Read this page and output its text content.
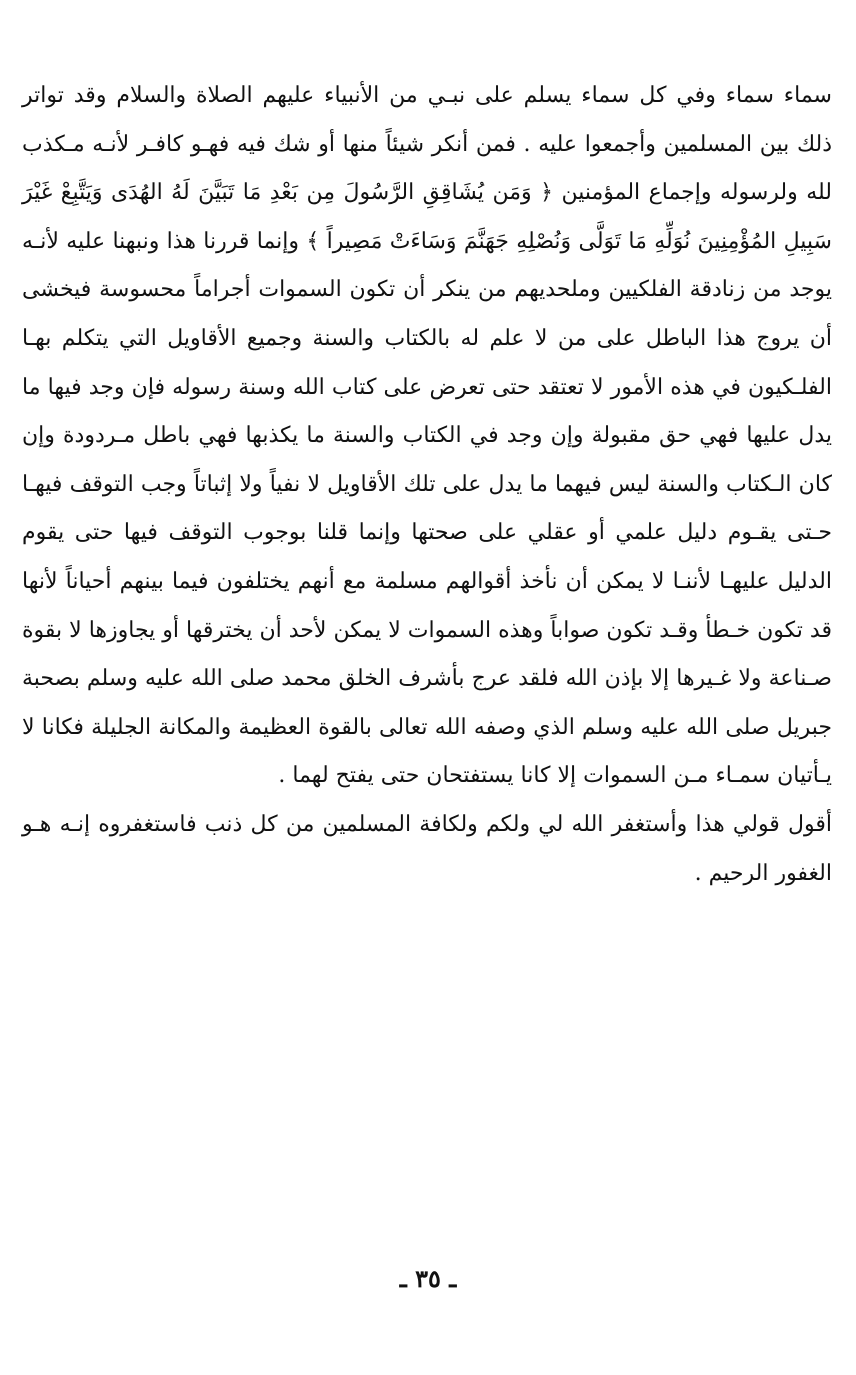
سماء سماء وفي كل سماء يسلم على نبـي من الأنبياء عليهم الصلاة والسلام وقد تواتر ذلك بين المسلمين وأجمعوا عليه . فمن أنكر شيئاً منها أو شك فيه فهـو كافـر لأنـه مـكذب لله ولرسوله وإجماع المؤمنين ﴿ وَمَن يُشَاقِقِ الرَّسُولَ مِن بَعْدِ مَا تَبَيَّنَ لَهُ الهُدَى وَيَتَّبِعْ غَيْرَ سَبِيلِ المُؤْمِنِينَ نُوَلِّهِ مَا تَوَلَّى وَنُصْلِهِ جَهَنَّمَ وَسَاءَتْ مَصِيراً ﴾ وإنما قررنا هذا ونبهنا عليه لأنـه يوجد من زنادقة الفلكيين وملحديهم من ينكر أن تكون السموات أجراماً محسوسة فيخشى أن يروج هذا الباطل على من لا علم له بالكتاب والسنة وجميع الأقاويل التي يتكلم بهـا الفلـكيون في هذه الأمور لا تعتقد حتى تعرض على كتاب الله وسنة رسوله فإن وجد فيها ما يدل عليها فهي حق مقبولة وإن وجد في الكتاب والسنة ما يكذبها فهي باطل مـردودة وإن كان الـكتاب والسنة ليس فيهما ما يدل على تلك الأقاويل لا نفياً ولا إثباتاً وجب التوقف فيهـا حـتى يقـوم دليل علمي أو عقلي على صحتها وإنما قلنا بوجوب التوقف فيها حتى يقوم الدليل عليهـا لأننـا لا يمكن أن نأخذ أقوالهم مسلمة مع أنهم يختلفون فيما بينهم أحياناً لأنها قد تكون خـطأ وقـد تكون صواباً وهذه السموات لا يمكن لأحد أن يخترقها أو يجاوزها لا بقوة صـناعة ولا غـيرها إلا بإذن الله فلقد عرج بأشرف الخلق محمد صلى الله عليه وسلم بصحبة جبريل صلى الله عليه وسلم الذي وصفه الله تعالى بالقوة العظيمة والمكانة الجليلة فكانا لا يـأتيان سمـاء مـن السموات إلا كانا يستفتحان حتى يفتح لهما .

أقول قولي هذا وأستغفر الله لي ولكم ولكافة المسلمين من كل ذنب فاستغفروه إنـه هـو الغفور الرحيم .

ـ ٣٥ ـ
